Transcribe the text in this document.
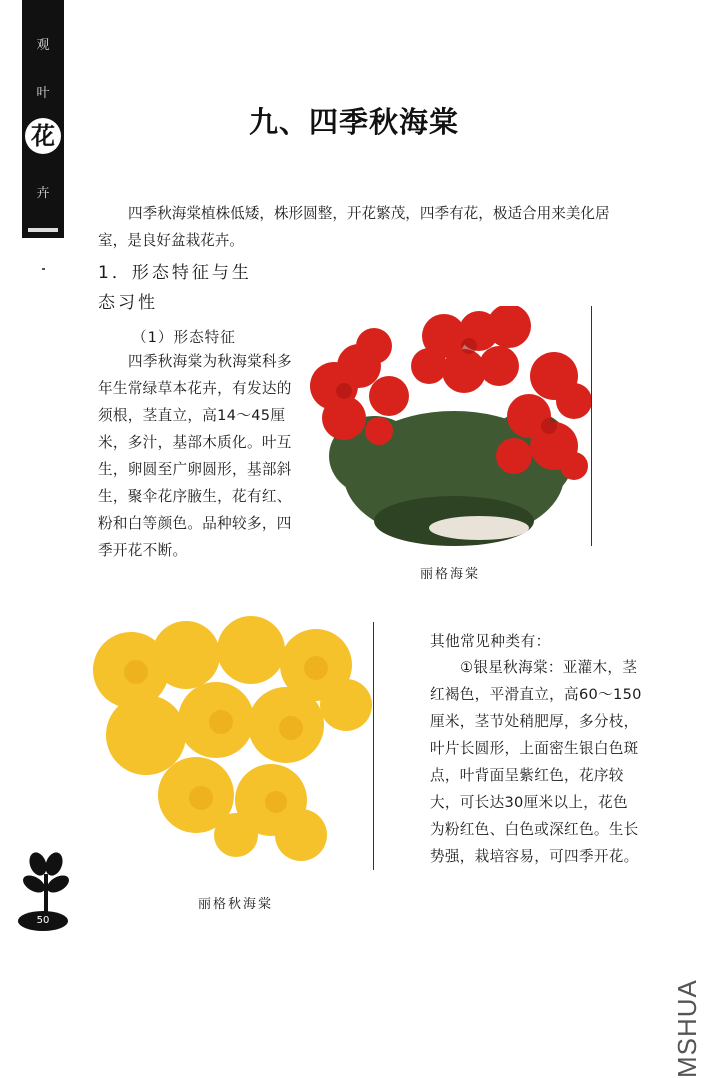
观
叶
花
卉
九、四季秋海棠

四季秋海棠植株低矮，株形圆整，开花繁茂，四季有花，极适合用来美化居室，是良好盆栽花卉。

1．形态特征与生
态习性
（1）形态特征

四季秋海棠为秋海棠科多年生常绿草本花卉，有发达的须根，茎直立，高14～45厘米，多汁，基部木质化。叶互生，卵圆至广卵圆形，基部斜生，聚伞花序腋生，花有红、粉和白等颜色。品种较多，四季开花不断。

丽格海棠
丽格秋海棠
其他常见种类有：

①银星秋海棠：亚灌木，茎红褐色，平滑直立，高60～150厘米，茎节处稍肥厚，多分枝，叶片长圆形，上面密生银白色斑点，叶背面呈紫红色，花序较大，可长达30厘米以上，花色为粉红色、白色或深红色。生长势强，栽培容易，可四季开花。

50
MSHUA
